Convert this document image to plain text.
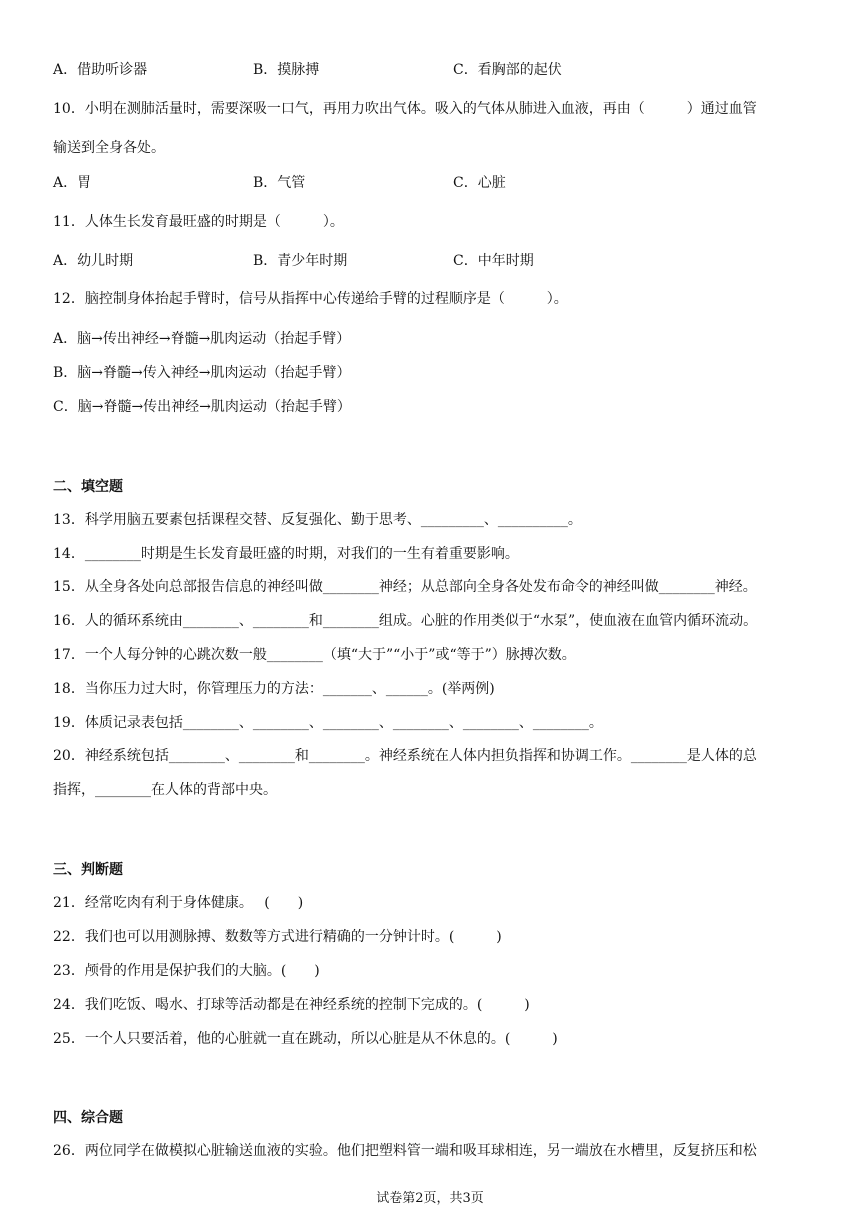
A．借助听诊器	B．摸脉搏	C．看胸部的起伏
10．小明在测肺活量时，需要深吸一口气，再用力吹出气体。吸入的气体从肺进入血液，再由（　　　）通过血管
输送到全身各处。
A．胃	B．气管	C．心脏
11．人体生长发育最旺盛的时期是（　　　）。
A．幼儿时期	B．青少年时期	C．中年时期
12．脑控制身体抬起手臂时，信号从指挥中心传递给手臂的过程顺序是（　　　）。
A．脑→传出神经→脊髓→肌肉运动（抬起手臂）
B．脑→脊髓→传入神经→肌肉运动（抬起手臂）
C．脑→脊髓→传出神经→肌肉运动（抬起手臂）
二、填空题
13．科学用脑五要素包括课程交替、反复强化、勤于思考、_________、__________。
14．________时期是生长发育最旺盛的时期，对我们的一生有着重要影响。
15．从全身各处向总部报告信息的神经叫做________神经；从总部向全身各处发布命令的神经叫做________神经。
16．人的循环系统由________、________和________组成。心脏的作用类似于“水泵”，使血液在血管内循环流动。
17．一个人每分钟的心跳次数一般________（填“大于”“小于”或“等于”）脉搏次数。
18．当你压力过大时，你管理压力的方法：_______、______。(举两例)
19．体质记录表包括________、________、________、________、________、________。
20．神经系统包括________、________和________。神经系统在人体内担负指挥和协调工作。________是人体的总
指挥，________在人体的背部中央。
三、判断题
21．经常吃肉有利于身体健康。　 (　　)
22．我们也可以用测脉搏、数数等方式进行精确的一分钟计时。(　　　)
23．颅骨的作用是保护我们的大脑。(　　)
24．我们吃饭、喝水、打球等活动都是在神经系统的控制下完成的。(　　　)
25．一个人只要活着，他的心脏就一直在跳动，所以心脏是从不休息的。(　　　)
四、综合题
26．两位同学在做模拟心脏输送血液的实验。他们把塑料管一端和吸耳球相连，另一端放在水槽里，反复挤压和松
试卷第2页，共3页
